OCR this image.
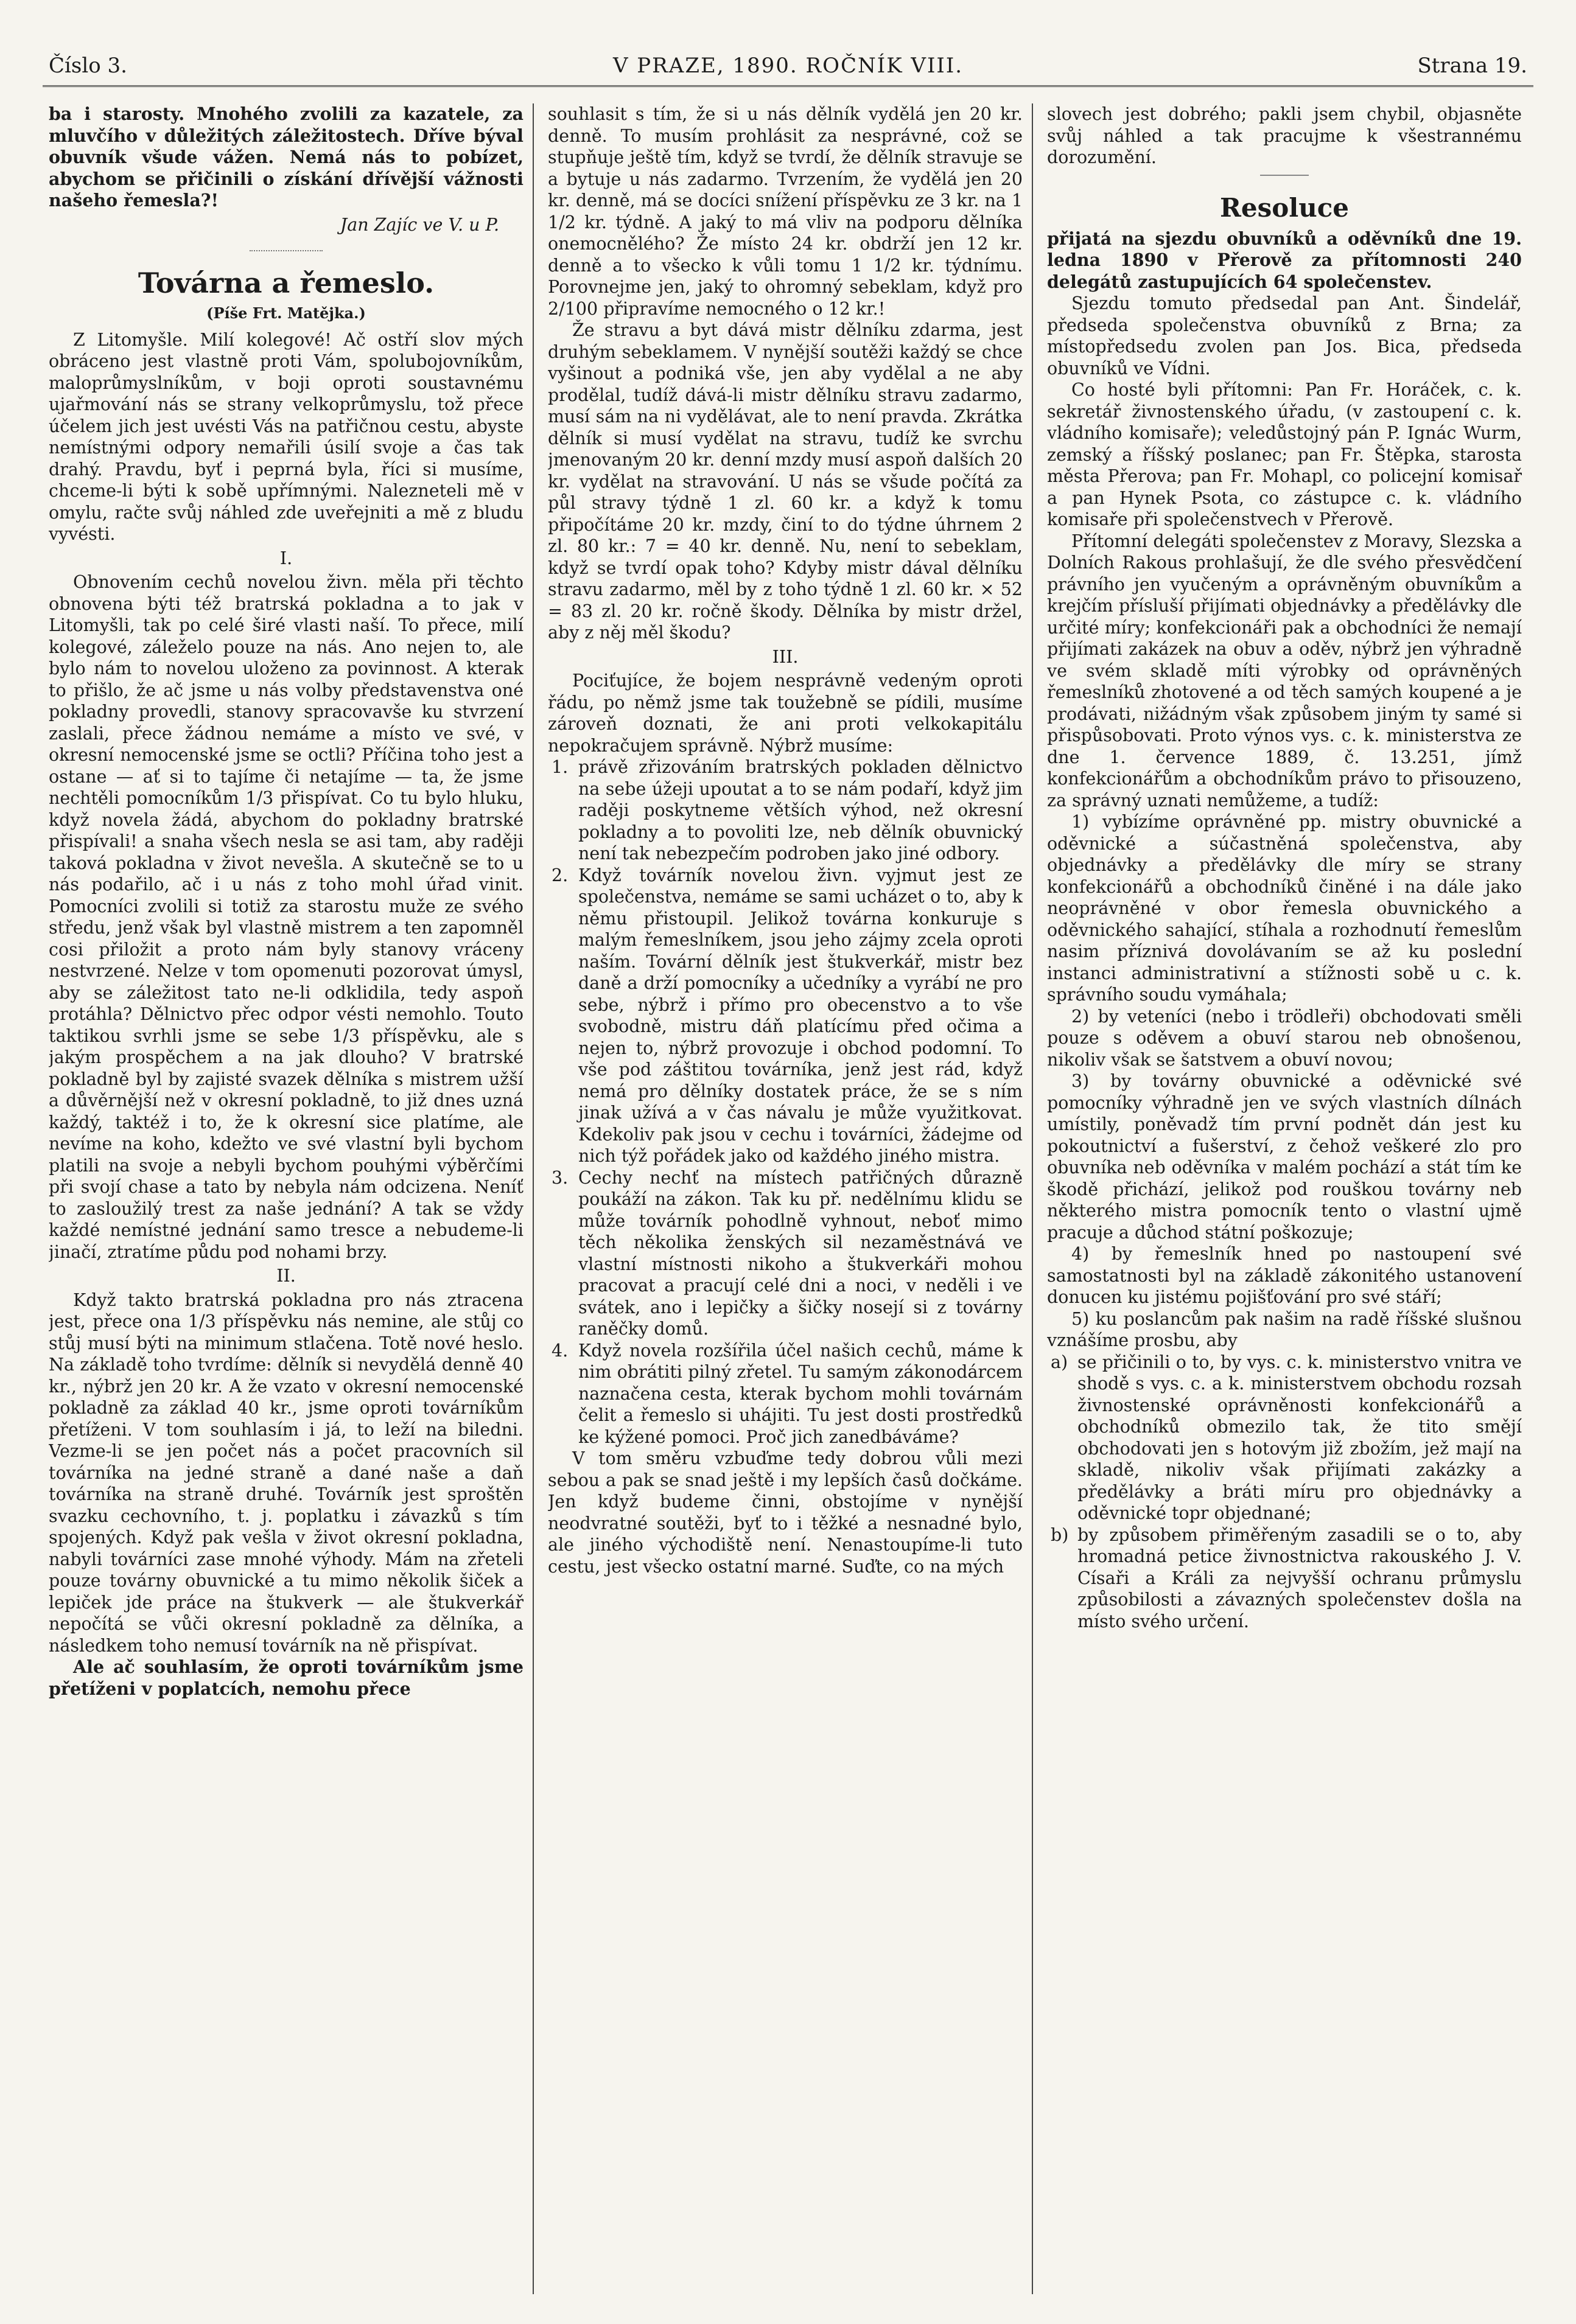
Číslo 3.	V PRAZE, 1890. ROČNÍK VIII.	Strana 19.

ba i starosty. Mnohého zvolili za kazatele, za mluvčího v důležitých záležitostech. Dříve býval obuvník všude vážen. Nemá nás to pobízet, abychom se přičinili o získání dřívější vážnosti našeho řemesla?!

Jan Zajíc ve V. u P.

Továrna a řemeslo.

(Píše Frt. Matějka.)

Z Litomyšle. Milí kolegové! Ač ostří slov mých obráceno jest vlastně proti Vám, spolubojovníkům, maloprůmyslníkům, v boji oproti soustavnému ujařmování nás se strany velkoprůmyslu, tož přece účelem jich jest uvésti Vás na patřičnou cestu, abyste nemístnými odpory nemařili úsilí svoje a čas tak drahý. Pravdu, byť i peprná byla, říci si musíme, chceme-li býti k sobě upřímnými. Nalezneteli mě v omylu, račte svůj náhled zde uveřejniti a mě z bludu vyvésti.

I.

Obnovením cechů novelou živn. měla při těchto obnovena býti též bratrská pokladna a to jak v Litomyšli, tak po celé širé vlasti naší. To přece, milí kolegové, záleželo pouze na nás. Ano nejen to, ale bylo nám to novelou uloženo za povinnost. A kterak to přišlo, že ač jsme u nás volby představenstva oné pokladny provedli, stanovy spracovavše ku stvrzení zaslali, přece žádnou nemáme a místo ve své, v okresní nemocenské jsme se octli? Příčina toho jest a ostane — ať si to tajíme či netajíme — ta, že jsme nechtěli pomocníkům 1/3 přispívat. Co tu bylo hluku, když novela žádá, abychom do pokladny bratrské přispívali! a snaha všech nesla se asi tam, aby raději taková pokladna v život nevešla. A skutečně se to u nás podařilo, ač i u nás z toho mohl úřad vinit. Pomocníci zvolili si totiž za starostu muže ze svého středu, jenž však byl vlastně mistrem a ten zapomněl cosi přiložit a proto nám byly stanovy vráceny nestvrzené. Nelze v tom opomenuti pozorovat úmysl, aby se záležitost tato ne-li odklidila, tedy aspoň protáhla? Dělnictvo přec odpor vésti nemohlo. Touto taktikou svrhli jsme se sebe 1/3 příspěvku, ale s jakým prospěchem a na jak dlouho? V bratrské pokladně byl by zajisté svazek dělníka s mistrem užší a důvěrnější než v okresní pokladně, to již dnes uzná každý, taktéž i to, že k okresní sice platíme, ale nevíme na koho, kdežto ve své vlastní byli bychom platili na svoje a nebyli bychom pouhými výběrčími při svojí chase a tato by nebyla nám odcizena. Neníť to zasloužilý trest za naše jednání? A tak se vždy každé nemístné jednání samo tresce a nebudeme-li jinačí, ztratíme půdu pod nohami brzy.

II.

Když takto bratrská pokladna pro nás ztracena jest, přece ona 1/3 příspěvku nás nemine, ale stůj co stůj musí býti na minimum stlačena. Totě nové heslo. Na základě toho tvrdíme: dělník si nevydělá denně 40 kr., nýbrž jen 20 kr. A že vzato v okresní nemocenské pokladně za základ 40 kr., jsme oproti továrníkům přetíženi. V tom souhlasím i já, to leží na biledni. Vezme-li se jen počet nás a počet pracovních sil továrníka na jedné straně a dané naše a daň továrníka na straně druhé. Továrník jest sproštěn svazku cechovního, t. j. poplatku i závazků s tím spojených. Když pak vešla v život okresní pokladna, nabyli továrníci zase mnohé výhody. Mám na zřeteli pouze továrny obuvnické a tu mimo několik šiček a lepiček jde práce na štukverk — ale štukverkář nepočítá se vůči okresní pokladně za dělníka, a následkem toho nemusí továrník na ně přispívat.

Ale ač souhlasím, že oproti továrníkům jsme přetíženi v poplatcích, nemohu přece

souhlasit s tím, že si u nás dělník vydělá jen 20 kr. denně. To musím prohlásit za nesprávné, což se stupňuje ještě tím, když se tvrdí, že dělník stravuje se a bytuje u nás zadarmo. Tvrzením, že vydělá jen 20 kr. denně, má se docíci snížení příspěvku ze 3 kr. na 1 1/2 kr. týdně. A jaký to má vliv na podporu dělníka onemocnělého? Že místo 24 kr. obdrží jen 12 kr. denně a to všecko k vůli tomu 1 1/2 kr. týdnímu. Porovnejme jen, jaký to ohromný sebeklam, když pro 2/100 připravíme nemocného o 12 kr.!

Že stravu a byt dává mistr dělníku zdarma, jest druhým sebeklamem. V nynější soutěži každý se chce vyšinout a podniká vše, jen aby vydělal a ne aby prodělal, tudíž dává-li mistr dělníku stravu zadarmo, musí sám na ni vydělávat, ale to není pravda. Zkrátka dělník si musí vydělat na stravu, tudíž ke svrchu jmenovaným 20 kr. denní mzdy musí aspoň dalších 20 kr. vydělat na stravování. U nás se všude počítá za půl stravy týdně 1 zl. 60 kr. a když k tomu připočítáme 20 kr. mzdy, činí to do týdne úhrnem 2 zl. 80 kr.: 7 = 40 kr. denně. Nu, není to sebeklam, když se tvrdí opak toho? Kdyby mistr dával dělníku stravu zadarmo, měl by z toho týdně 1 zl. 60 kr. × 52 = 83 zl. 20 kr. ročně škody. Dělníka by mistr držel, aby z něj měl škodu?

III.

Pociťujíce, že bojem nesprávně vedeným oproti řádu, po němž jsme tak toužebně se pídili, musíme zároveň doznati, že ani proti velkokapitálu nepokračujem správně. Nýbrž musíme:

1. právě zřizováním bratrských pokladen dělnictvo na sebe úžeji upoutat a to se nám podaří, když jim raději poskytneme větších výhod, než okresní pokladny a to povoliti lze, neb dělník obuvnický není tak nebezpečím podroben jako jiné odbory.

2. Když továrník novelou živn. vyjmut jest ze společenstva, nemáme se sami ucházet o to, aby k němu přistoupil. Jelikož továrna konkuruje s malým řemeslníkem, jsou jeho zájmy zcela oproti naším. Tovární dělník jest štukverkář, mistr bez daně a drží pomocníky a učedníky a vyrábí ne pro sebe, nýbrž i přímo pro obecenstvo a to vše svobodně, mistru dáň platícímu před očima a nejen to, nýbrž provozuje i obchod podomní. To vše pod záštitou továrníka, jenž jest rád, když nemá pro dělníky dostatek práce, že se s ním jinak užívá a v čas návalu je může využitkovat. Kdekoliv pak jsou v cechu i továrníci, žádejme od nich týž pořádek jako od každého jiného mistra.

3. Cechy nechť na místech patřičných důrazně poukáží na zákon. Tak ku př. nedělnímu klidu se může továrník pohodlně vyhnout, neboť mimo těch několika ženských sil nezaměstnává ve vlastní místnosti nikoho a štukverkáři mohou pracovat a pracují celé dni a noci, v neděli i ve svátek, ano i lepičky a šičky nosejí si z továrny raněčky domů.

4. Když novela rozšířila účel našich cechů, máme k nim obrátiti pilný zřetel. Tu samým zákonodárcem naznačena cesta, kterak bychom mohli továrnám čelit a řemeslo si uhájiti. Tu jest dosti prostředků ke kýžené pomoci. Proč jich zanedbáváme?

V tom směru vzbuďme tedy dobrou vůli mezi sebou a pak se snad ještě i my lepších časů dočkáme. Jen když budeme činni, obstojíme v nynější neodvratné soutěži, byť to i těžké a nesnadné bylo, ale jiného východiště není. Nenastoupíme-li tuto cestu, jest všecko ostatní marné. Suďte, co na mých

slovech jest dobrého; pakli jsem chybil, objasněte svůj náhled a tak pracujme k všestrannému dorozumění.

Resoluce

přijatá na sjezdu obuvníků a oděvníků dne 19. ledna 1890 v Přerově za přítomnosti 240 delegátů zastupujících 64 společenstev.

Sjezdu tomuto předsedal pan Ant. Šindelář, předseda společenstva obuvníků z Brna; za místopředsedu zvolen pan Jos. Bica, předseda obuvníků ve Vídni.

Co hosté byli přítomni: Pan Fr. Horáček, c. k. sekretář živnostenského úřadu, (v zastoupení c. k. vládního komisaře); veledůstojný pán P. Ignác Wurm, zemský a říšský poslanec; pan Fr. Štěpka, starosta města Přerova; pan Fr. Mohapl, co policejní komisař a pan Hynek Psota, co zástupce c. k. vládního komisaře při společenstvech v Přerově.

Přítomní delegáti společenstev z Moravy, Slezska a Dolních Rakous prohlašují, že dle svého přesvědčení právního jen vyučeným a oprávněným obuvníkům a krejčím přísluší přijímati objednávky a předělávky dle určité míry; konfekcionáři pak a obchodníci že nemají přijímati zakázek na obuv a oděv, nýbrž jen výhradně ve svém skladě míti výrobky od oprávněných řemeslníků zhotovené a od těch samých koupené a je prodávati, nižádným však způsobem jiným ty samé si přispůsobovati. Proto výnos vys. c. k. ministerstva ze dne 1. července 1889, č. 13.251, jímž konfekcionářům a obchodníkům právo to přisouzeno, za správný uznati nemůžeme, a tudíž:

1) vybízíme oprávněné pp. mistry obuvnické a oděvnické a súčastněná společenstva, aby objednávky a předělávky dle míry se strany konfekcionářů a obchodníků činěné i na dále jako neoprávněné v obor řemesla obuvnického a oděvnického sahající, stíhala a rozhodnutí řemeslům nasim příznivá dovolávaním se až ku poslední instanci administrativní a stížnosti sobě u c. k. správního soudu vymáhala;

2) by veteníci (nebo i trödleři) obchodovati směli pouze s oděvem a obuví starou neb obnošenou, nikoliv však se šatstvem a obuví novou;

3) by továrny obuvnické a oděvnické své pomocníky výhradně jen ve svých vlastních dílnách umístily, poněvadž tím první podnět dán jest ku pokoutnictví a fušerství, z čehož veškeré zlo pro obuvníka neb oděvníka v malém pochází a stát tím ke škodě přichází, jelikož pod rouškou továrny neb některého mistra pomocník tento o vlastní ujmě pracuje a důchod státní poškozuje;

4) by řemeslník hned po nastoupení své samostatnosti byl na základě zákonitého ustanovení donucen ku jistému pojišťování pro své stáří;

5) ku poslancům pak našim na radě říšské slušnou vznášíme prosbu, aby

a) se přičinili o to, by vys. c. k. ministerstvo vnitra ve shodě s vys. c. a k. ministerstvem obchodu rozsah živnostenské oprávněnosti konfekcionářů a obchodníků obmezilo tak, že tito smějí obchodovati jen s hotovým již zbožím, jež mají na skladě, nikoliv však přijímati zakázky a předělávky a bráti míru pro objednávky a oděvnické topr objednané;

b) by způsobem přiměřeným zasadili se o to, aby hromadná petice živnostnictva rakouského J. V. Císaři a Králi za nejvyšší ochranu průmyslu způsobilosti a závazných společenstev došla na místo svého určení.
